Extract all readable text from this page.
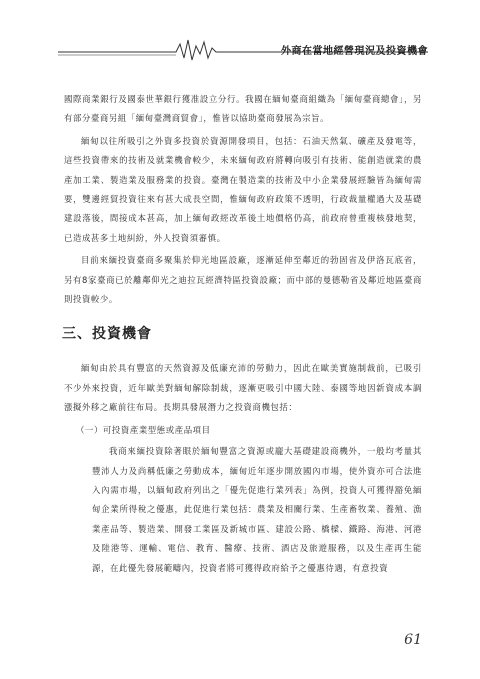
外商在當地經營現況及投資機會

國際商業銀行及國泰世華銀行獲准設立分行。我國在緬甸臺商組織為「緬甸臺商總會」，另有部分臺商另組「緬甸臺灣商貿會」，惟皆以協助臺商發展為宗旨。

緬甸以往所吸引之外資多投資於資源開發項目，包括：石油天然氣、礦產及發電等，這些投資帶來的技術及就業機會較少，未來緬甸政府將轉向吸引有技術、能創造就業的農產加工業、製造業及服務業的投資。臺灣在製造業的技術及中小企業發展經驗皆為緬甸需要，雙邊經貿投資往來有甚大成長空間，惟緬甸政府政策不透明，行政裁量權過大及基礎建設落後，間接成本甚高，加上緬甸政經改革後土地價格仍高，前政府曾重複核發地契，已造成甚多土地糾紛，外人投資須審慎。

目前來緬投資臺商多聚集於仰光地區設廠，逐漸延伸至鄰近的勃固省及伊洛瓦底省，另有8家臺商已於離鄰仰光之迪拉瓦經濟特區投資設廠；而中部的曼德勒省及鄰近地區臺商則投資較少。

三、投資機會

緬甸由於具有豐富的天然資源及低廉充沛的勞動力，因此在歐美實施制裁前，已吸引不少外來投資，近年歐美對緬甸解除制裁，逐漸更吸引中國大陸、泰國等地因新資成本調漲擬外移之廠前往布局。長期具發展潛力之投資商機包括：

（一）可投資產業型態或產品項目

我商來緬投資除著眼於緬甸豐富之資源或龐大基礎建設商機外，一般均考量其豐沛人力及尚稱低廉之勞動成本，緬甸近年逐步開放國內市場，使外資亦可合法進入內需市場，以緬甸政府列出之「優先促進行業列表」為例，投資人可獲得豁免緬甸企業所得稅之優惠，此促進行業包括：農業及相關行業、生產畜牧業、養殖、漁業產品等、製造業、開發工業區及新城市區、建設公路、橋樑、鐵路、海港、河港及陸港等、運輸、電信、教育、醫療、技術、酒店及旅遊服務，以及生產再生能源，在此優先發展範疇內，投資者將可獲得政府給予之優惠待遇，有意投資

61
